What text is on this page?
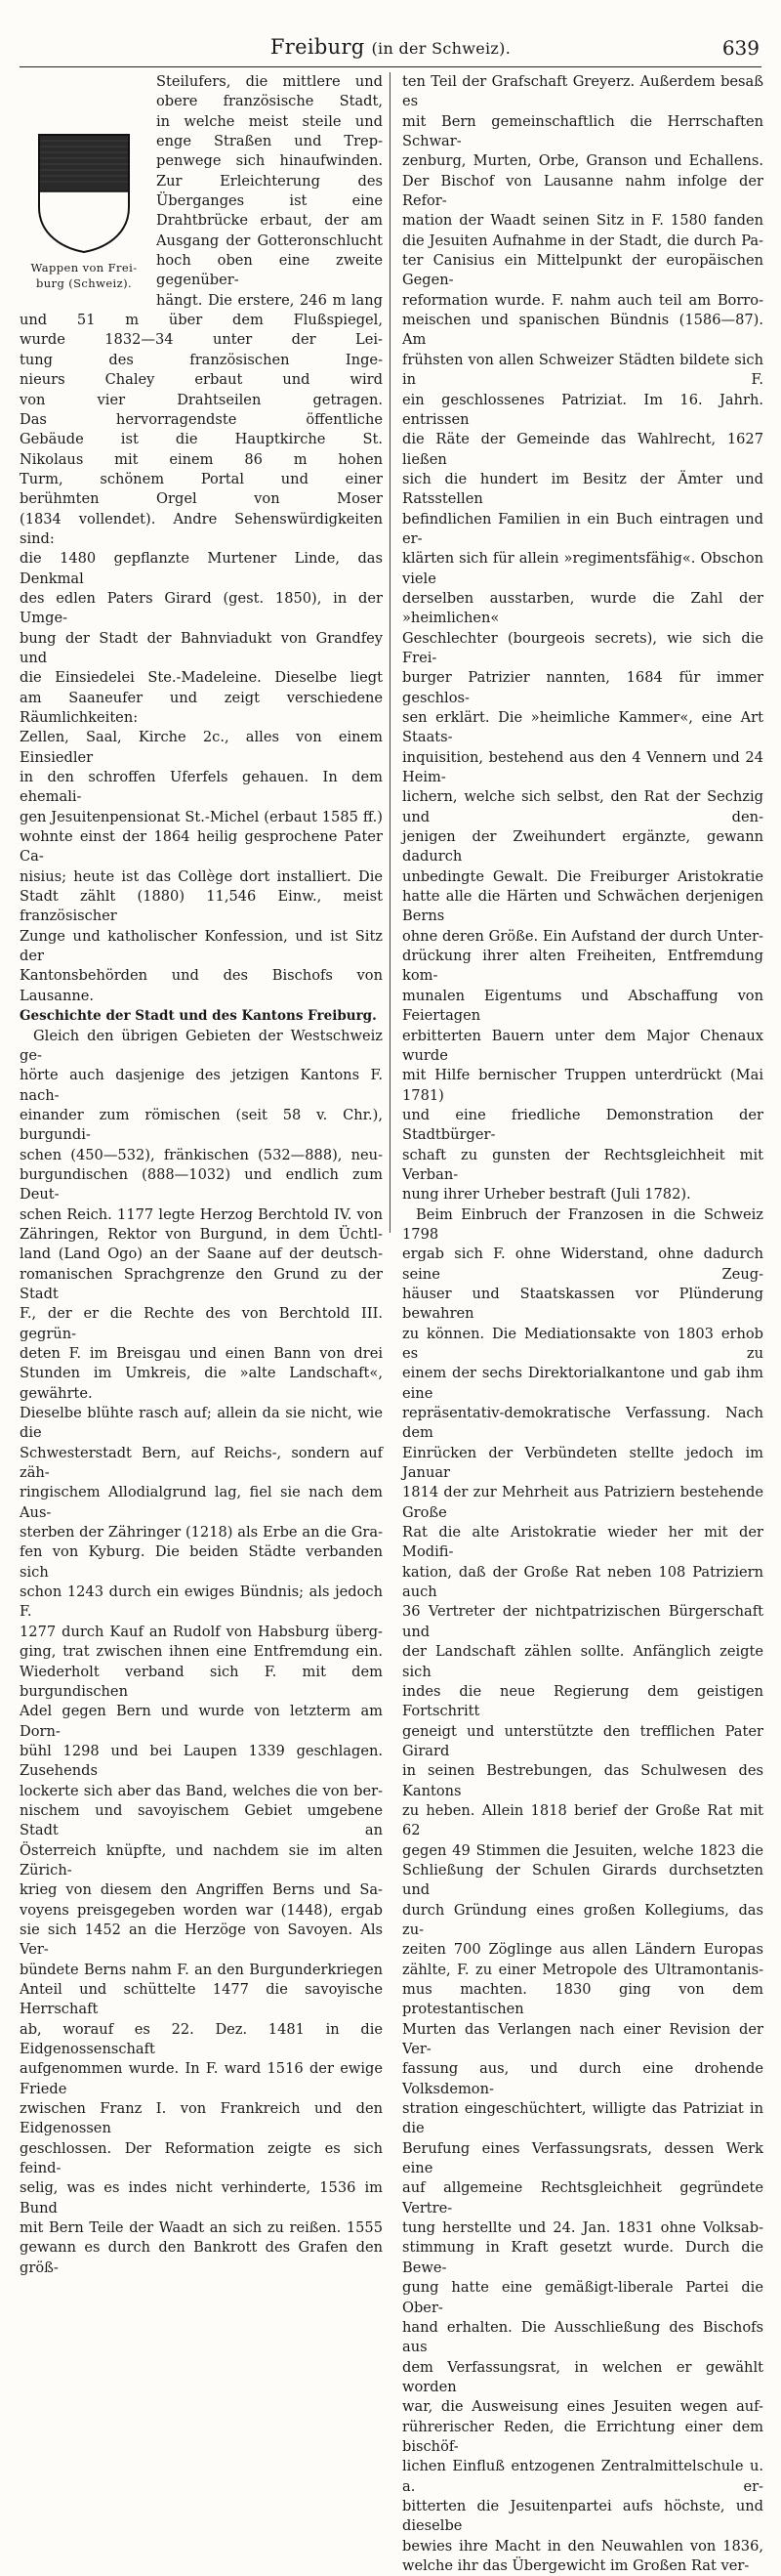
Freiburg (in der Schweiz).	639
Wappen von Frei-
burg (Schweiz).
Steilufers, die mittlere und obere französische Stadt,
in welche meist steile und enge Straßen und Trep-
penwege sich hinaufwinden. Zur Erleichterung des
Überganges ist eine Drahtbrücke erbaut, der am
Ausgang der Gotteronschlucht
hoch oben eine zweite gegenüber-
hängt. Die erstere, 246 m lang
und 51 m über dem Flußspiegel,
wurde 1832—34 unter der Lei-
tung des französischen Inge-
nieurs Chaley erbaut und wird
von vier Drahtseilen getragen.
Das hervorragendste öffentliche
Gebäude ist die Hauptkirche St.
Nikolaus mit einem 86 m hohen
Turm, schönem Portal und einer
berühmten Orgel von Moser
(1834 vollendet). Andre Sehenswürdigkeiten sind:
die 1480 gepflanzte Murtener Linde, das Denkmal
des edlen Paters Girard (gest. 1850), in der Umge-
bung der Stadt der Bahnviadukt von Grandfey und
die Einsiedelei Ste.-Madeleine. Dieselbe liegt
am Saaneufer und zeigt verschiedene Räumlichkeiten:
Zellen, Saal, Kirche 2c., alles von einem Einsiedler
in den schroffen Uferfels gehauen. In dem ehemali-
gen Jesuitenpensionat St.-Michel (erbaut 1585 ff.)
wohnte einst der 1864 heilig gesprochene Pater Ca-
nisius; heute ist das Collège dort installiert. Die
Stadt zählt (1880) 11,546 Einw., meist französischer
Zunge und katholischer Konfession, und ist Sitz der
Kantonsbehörden und des Bischofs von Lausanne.
Geschichte der Stadt und des Kantons Freiburg.
Gleich den übrigen Gebieten der Westschweiz ge-
hörte auch dasjenige des jetzigen Kantons F. nach-
einander zum römischen (seit 58 v. Chr.), burgundi-
schen (450—532), fränkischen (532—888), neu-
burgundischen (888—1032) und endlich zum Deut-
schen Reich. 1177 legte Herzog Berchtold IV. von
Zähringen, Rektor von Burgund, in dem Üchtl-
land (Land Ogo) an der Saane auf der deutsch-
romanischen Sprachgrenze den Grund zu der Stadt
F., der er die Rechte des von Berchtold III. gegrün-
deten F. im Breisgau und einen Bann von drei
Stunden im Umkreis, die »alte Landschaft«, gewährte.
Dieselbe blühte rasch auf; allein da sie nicht, wie die
Schwesterstadt Bern, auf Reichs-, sondern auf zäh-
ringischem Allodialgrund lag, fiel sie nach dem Aus-
sterben der Zähringer (1218) als Erbe an die Gra-
fen von Kyburg. Die beiden Städte verbanden sich
schon 1243 durch ein ewiges Bündnis; als jedoch F.
1277 durch Kauf an Rudolf von Habsburg überg-
ging, trat zwischen ihnen eine Entfremdung ein.
Wiederholt verband sich F. mit dem burgundischen
Adel gegen Bern und wurde von letzterm am Dorn-
bühl 1298 und bei Laupen 1339 geschlagen. Zusehends
lockerte sich aber das Band, welches die von ber-
nischem und savoyischem Gebiet umgebene Stadt an
Österreich knüpfte, und nachdem sie im alten Zürich-
krieg von diesem den Angriffen Berns und Sa-
voyens preisgegeben worden war (1448), ergab
sie sich 1452 an die Herzöge von Savoyen. Als Ver-
bündete Berns nahm F. an den Burgunderkriegen
Anteil und schüttelte 1477 die savoyische Herrschaft
ab, worauf es 22. Dez. 1481 in die Eidgenossenschaft
aufgenommen wurde. In F. ward 1516 der ewige Friede
zwischen Franz I. von Frankreich und den Eidgenossen
geschlossen. Der Reformation zeigte es sich feind-
selig, was es indes nicht verhinderte, 1536 im Bund
mit Bern Teile der Waadt an sich zu reißen. 1555
gewann es durch den Bankrott des Grafen den größ-
ten Teil der Grafschaft Greyerz. Außerdem besaß es
mit Bern gemeinschaftlich die Herrschaften Schwar-
zenburg, Murten, Orbe, Granson und Echallens.
Der Bischof von Lausanne nahm infolge der Refor-
mation der Waadt seinen Sitz in F. 1580 fanden
die Jesuiten Aufnahme in der Stadt, die durch Pa-
ter Canisius ein Mittelpunkt der europäischen Gegen-
reformation wurde. F. nahm auch teil am Borro-
meischen und spanischen Bündnis (1586—87). Am
frühsten von allen Schweizer Städten bildete sich in F.
ein geschlossenes Patriziat. Im 16. Jahrh. entrissen
die Räte der Gemeinde das Wahlrecht, 1627 ließen
sich die hundert im Besitz der Ämter und Ratsstellen
befindlichen Familien in ein Buch eintragen und er-
klärten sich für allein »regimentsfähig«. Obschon viele
derselben ausstarben, wurde die Zahl der »heimlichen«
Geschlechter (bourgeois secrets), wie sich die Frei-
burger Patrizier nannten, 1684 für immer geschlos-
sen erklärt. Die »heimliche Kammer«, eine Art Staats-
inquisition, bestehend aus den 4 Vennern und 24 Heim-
lichern, welche sich selbst, den Rat der Sechzig und den-
jenigen der Zweihundert ergänzte, gewann dadurch
unbedingte Gewalt. Die Freiburger Aristokratie
hatte alle die Härten und Schwächen derjenigen Berns
ohne deren Größe. Ein Aufstand der durch Unter-
drückung ihrer alten Freiheiten, Entfremdung kom-
munalen Eigentums und Abschaffung von Feiertagen
erbitterten Bauern unter dem Major Chenaux wurde
mit Hilfe bernischer Truppen unterdrückt (Mai 1781)
und eine friedliche Demonstration der Stadtbürger-
schaft zu gunsten der Rechtsgleichheit mit Verban-
nung ihrer Urheber bestraft (Juli 1782).
Beim Einbruch der Franzosen in die Schweiz 1798
ergab sich F. ohne Widerstand, ohne dadurch seine Zeug-
häuser und Staatskassen vor Plünderung bewahren
zu können. Die Mediationsakte von 1803 erhob es zu
einem der sechs Direktorialkantone und gab ihm eine
repräsentativ-demokratische Verfassung. Nach dem
Einrücken der Verbündeten stellte jedoch im Januar
1814 der zur Mehrheit aus Patriziern bestehende Große
Rat die alte Aristokratie wieder her mit der Modifi-
kation, daß der Große Rat neben 108 Patriziern auch
36 Vertreter der nichtpatrizischen Bürgerschaft und
der Landschaft zählen sollte. Anfänglich zeigte sich
indes die neue Regierung dem geistigen Fortschritt
geneigt und unterstützte den trefflichen Pater Girard
in seinen Bestrebungen, das Schulwesen des Kantons
zu heben. Allein 1818 berief der Große Rat mit 62
gegen 49 Stimmen die Jesuiten, welche 1823 die
Schließung der Schulen Girards durchsetzten und
durch Gründung eines großen Kollegiums, das zu-
zeiten 700 Zöglinge aus allen Ländern Europas
zählte, F. zu einer Metropole des Ultramontanis-
mus machten. 1830 ging von dem protestantischen
Murten das Verlangen nach einer Revision der Ver-
fassung aus, und durch eine drohende Volksdemon-
stration eingeschüchtert, willigte das Patriziat in die
Berufung eines Verfassungsrats, dessen Werk eine
auf allgemeine Rechtsgleichheit gegründete Vertre-
tung herstellte und 24. Jan. 1831 ohne Volksab-
stimmung in Kraft gesetzt wurde. Durch die Bewe-
gung hatte eine gemäßigt-liberale Partei die Ober-
hand erhalten. Die Ausschließung des Bischofs aus
dem Verfassungsrat, in welchen er gewählt worden
war, die Ausweisung eines Jesuiten wegen auf-
rührerischer Reden, die Errichtung einer dem bischöf-
lichen Einfluß entzogenen Zentralmittelschule u. a. er-
bitterten die Jesuitenpartei aufs höchste, und dieselbe
bewies ihre Macht in den Neuwahlen von 1836,
welche ihr das Übergewicht im Großen Rat ver-
